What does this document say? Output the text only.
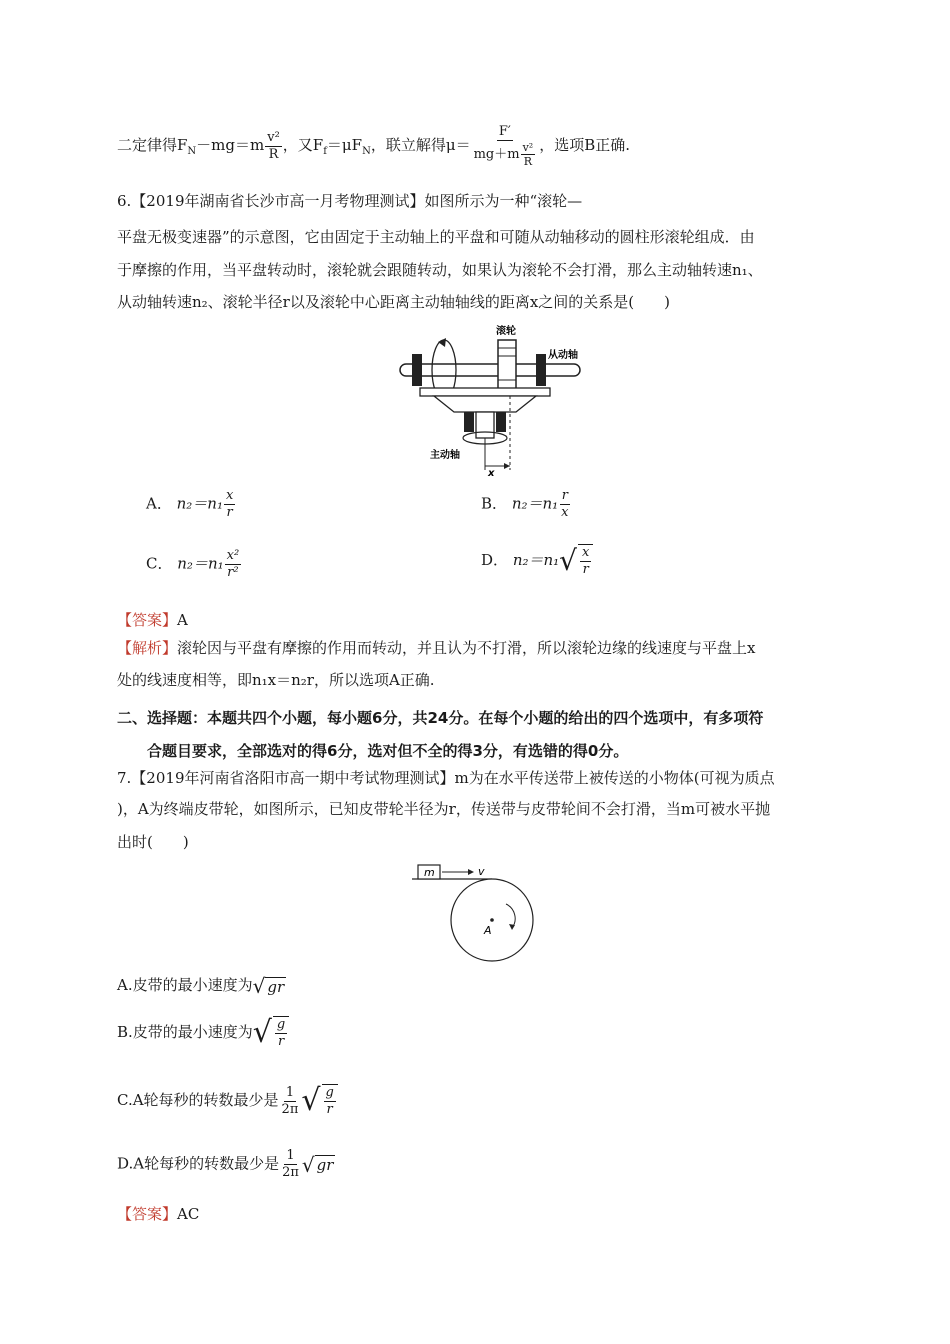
二定律得$F_N-mg=m \frac{\text{v²}}{R}$ ，又$F_f=\mu F_N$，联立解得$\mu= \frac{F'}{mg+m \frac{\text{v²}}{R}}$ ，选项B正确.
6.【2019年湖南省长沙市高一月考物理测试】如图所示为一种“滚轮—
平盘无极变速器”的示意图，它由固定于主动轴上的平盘和可随从动轴移动的圆柱形滚轮组成．由
于摩擦的作用，当平盘转动时，滚轮就会跟随转动，如果认为滚轮不会打滑，那么主动轴转速n₁、
从动轴转速n₂、滚轮半径r以及滚轮中心距离主动轴轴线的距离x之间的关系是(　　)
滚轮
从动轴
主动轴
x
A． $n_2=n_1 \frac{x}{r}$	B． $n_2=n_1 \frac{r}{x}$
C． $n_2=n_1 \frac{\text{x²}}{\text{r²}}$	D． n₂＝n₁ √ $\frac{x}{r}$
【答案】A
【解析】滚轮因与平盘有摩擦的作用而转动，并且认为不打滑，所以滚轮边缘的线速度与平盘上x
处的线速度相等，即n₁x＝n₂r，所以选项A正确.
二、选择题：本题共四个小题，每小题6分，共24分。在每个小题的给出的四个选项中，有多项符
合题目要求，全部选对的得6分，选对但不全的得3分，有选错的得0分。
7.【2019年河南省洛阳市高一期中考试物理测试】m为在水平传送带上被传送的小物体(可视为质点
)，A为终端皮带轮，如图所示，已知皮带轮半径为r，传送带与皮带轮间不会打滑，当m可被水平抛
出时(　　)
m	v
A
A.皮带的最小速度为 √ gr
B.皮带的最小速度为 √ $\frac{g}{r}$
C.A轮每秒的转数最少是 $\frac{1}{2\pi}$ √ $\frac{g}{r}$
D.A轮每秒的转数最少是 $\frac{1}{2\pi}$ √ gr
【答案】AC
